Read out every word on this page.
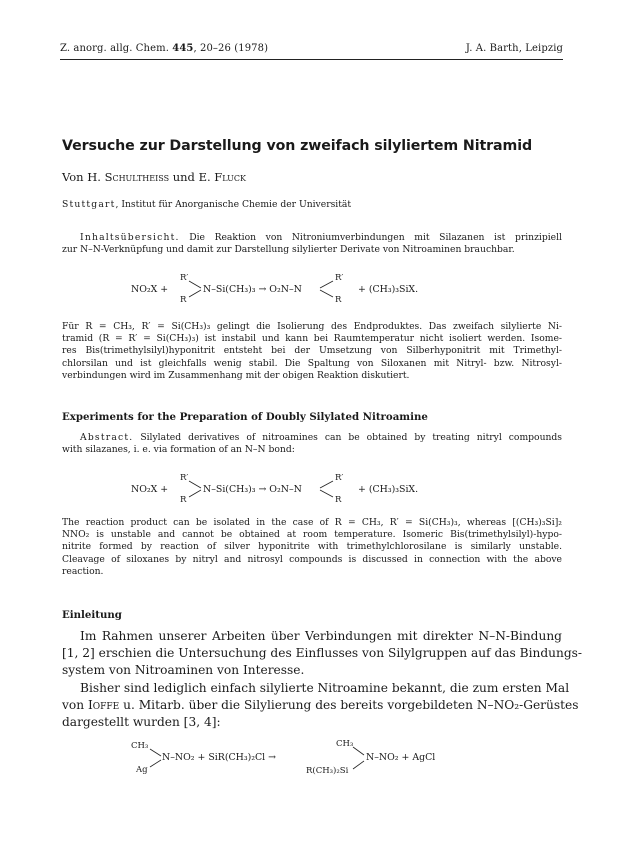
Z. anorg. allg. Chem. 445, 20–26 (1978)	J. A. Barth, Leipzig
Versuche zur Darstellung von zweifach silyliertem Nitramid
Von H. Schultheiss und E. Fluck
Stuttgart, Institut für Anorganische Chemie der Universität
Inhaltsübersicht. Die Reaktion von Nitroniumverbindungen mit Silazanen ist prinzipiell
zur N–N-Verknüpfung und damit zur Darstellung silylierter Derivate von Nitroaminen brauchbar.
NO₂X +
R′
R
N–Si(CH₃)₃ → O₂N–N
R′
R
+ (CH₃)₃SiX.
Für R = CH₃, R′ = Si(CH₃)₃ gelingt die Isolierung des Endproduktes. Das zweifach silylierte Ni-
tramid (R = R′ = Si(CH₃)₃) ist instabil und kann bei Raumtemperatur nicht isoliert werden. Isome-
res Bis(trimethylsilyl)hyponitrit entsteht bei der Umsetzung von Silberhyponitrit mit Trimethyl-
chlorsilan und ist gleichfalls wenig stabil. Die Spaltung von Siloxanen mit Nitryl- bzw. Nitrosyl-
verbindungen wird im Zusammenhang mit der obigen Reaktion diskutiert.
Experiments for the Preparation of Doubly Silylated Nitroamine
Abstract. Silylated derivatives of nitroamines can be obtained by treating nitryl compounds
with silazanes, i. e. via formation of an N–N bond:
NO₂X +
R′
R
N–Si(CH₃)₃ → O₂N–N
R′
R
+ (CH₃)₃SiX.
The reaction product can be isolated in the case of R = CH₃, R′ = Si(CH₃)₃, whereas [(CH₃)₃Si]₂
NNO₂ is unstable and cannot be obtained at room temperature. Isomeric Bis(trimethylsilyl)-hypo-
nitrite formed by reaction of silver hyponitrite with trimethylchlorosilane is similarly unstable.
Cleavage of siloxanes by nitryl and nitrosyl compounds is discussed in connection with the above
reaction.
Einleitung
Im Rahmen unserer Arbeiten über Verbindungen mit direkter N–N-Bindung
[1, 2] erschien die Untersuchung des Einflusses von Silylgruppen auf das Bindungs-
system von Nitroaminen von Interesse.
Bisher sind lediglich einfach silylierte Nitroamine bekannt, die zum ersten Mal
von Ioffe u. Mitarb. über die Silylierung des bereits vorgebildeten N–NO₂-Gerüstes
dargestellt wurden [3, 4]:
CH₃
Ag
N–NO₂ + SiR(CH₃)₂Cl →
CH₃
R(CH₃)₂Si
N–NO₂ + AgCl
